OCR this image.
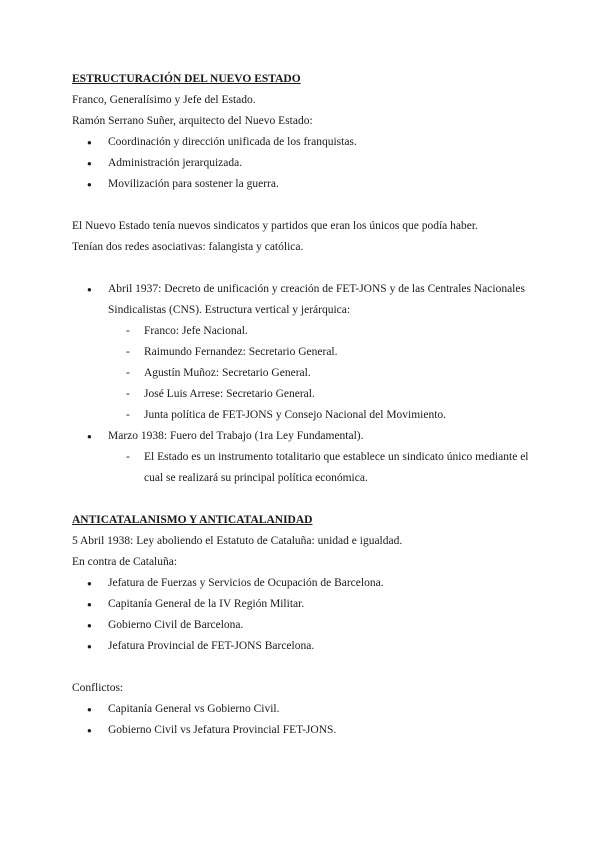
ESTRUCTURACIÓN DEL NUEVO ESTADO

Franco, Generalísimo y Jefe del Estado.

Ramón Serrano Suñer, arquitecto del Nuevo Estado:

● Coordinación y dirección unificada de los franquistas.
● Administración jerarquizada.
● Movilización para sostener la guerra.

El Nuevo Estado tenía nuevos sindicatos y partidos que eran los únicos que podía haber.

Tenían dos redes asociativas: falangista y católica.

● Abril 1937: Decreto de unificación y creación de FET-JONS y de las Centrales Nacionales Sindicalistas (CNS). Estructura vertical y jerárquica:
- Franco: Jefe Nacional.
- Raimundo Fernandez: Secretario General.
- Agustín Muñoz: Secretario General.
- José Luis Arrese: Secretario General.
- Junta política de FET-JONS y Consejo Nacional del Movimiento.
● Marzo 1938: Fuero del Trabajo (1ra Ley Fundamental).
- El Estado es un instrumento totalitario que establece un sindicato único mediante el cual se realizará su principal política económica.

ANTICATALANISMO Y ANTICATALANIDAD

5 Abril 1938: Ley aboliendo el Estatuto de Cataluña: unidad e igualdad.

En contra de Cataluña:

● Jefatura de Fuerzas y Servicios de Ocupación de Barcelona.
● Capitanía General de la IV Región Militar.
● Gobierno Civil de Barcelona.
● Jefatura Provincial de FET-JONS Barcelona.

Conflictos:

● Capitanía General vs Gobierno Civil.
● Gobierno Civil vs Jefatura Provincial FET-JONS.
